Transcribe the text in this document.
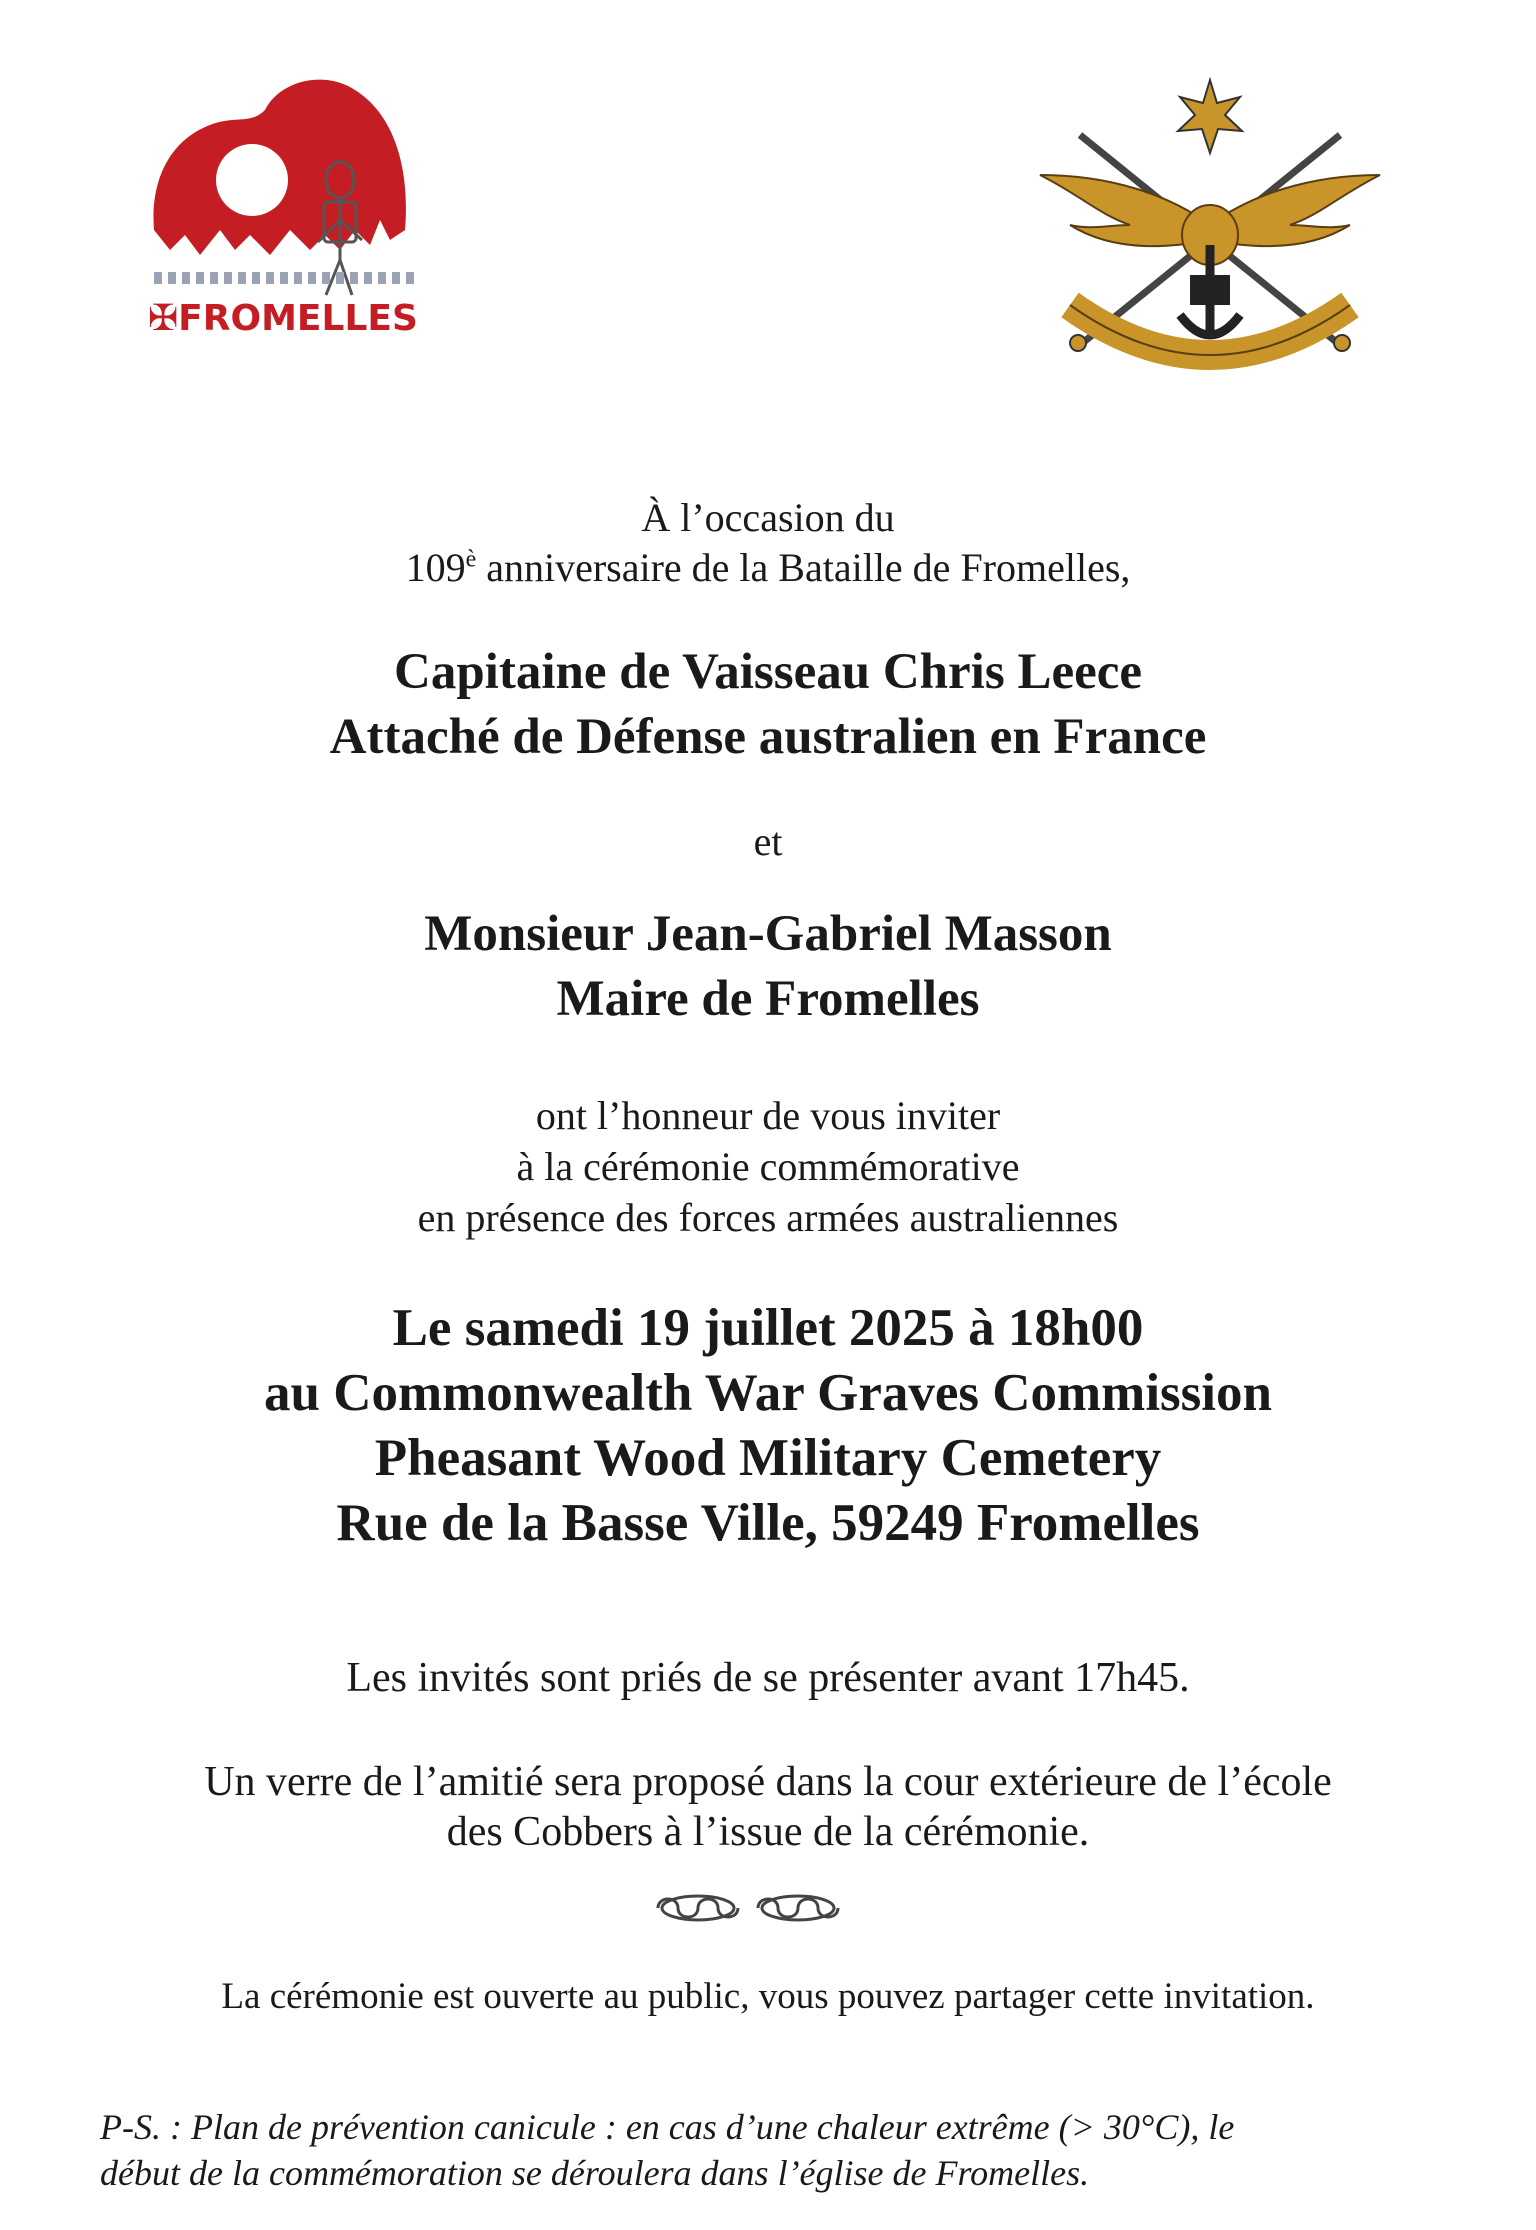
✠FROMELLES
À l’occasion du
$109^è$ anniversaire de la Bataille de Fromelles,
Capitaine de Vaisseau Chris Leece
Attaché de Défense australien en France
et
Monsieur Jean-Gabriel Masson
Maire de Fromelles
ont l’honneur de vous inviter
à la cérémonie commémorative
en présence des forces armées australiennes
Le samedi 19 juillet 2025 à 18h00
au Commonwealth War Graves Commission
Pheasant Wood Military Cemetery
Rue de la Basse Ville, 59249 Fromelles
Les invités sont priés de se présenter avant 17h45.
Un verre de l’amitié sera proposé dans la cour extérieure de l’école
des Cobbers à l’issue de la cérémonie.
La cérémonie est ouverte au public, vous pouvez partager cette invitation.
P-S. : Plan de prévention canicule : en cas d’une chaleur extrême (> 30°C), le
début de la commémoration se déroulera dans l’église de Fromelles.
